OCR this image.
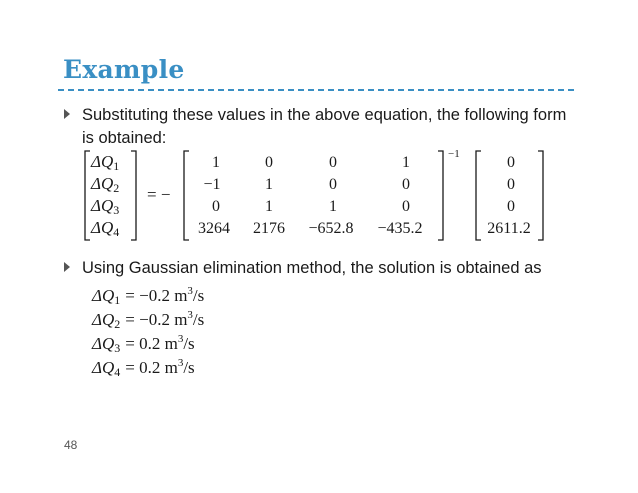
Example
Substituting these values in the above equation, the following form is obtained:
Using Gaussian elimination method, the solution is obtained as
ΔQ1
ΔQ2
ΔQ3
ΔQ4
= −
−1
1	0	0	1
−1	1	0	0
0	1	1	0
3264 2176 −652.8 −435.2
0
0
0
2611.2
ΔQ1 = −0.2 $m^3/s$
ΔQ2 = −0.2 $m^3/s$
ΔQ3 = 0.2 $m^3/s$
ΔQ4 = 0.2 $m^3/s$
48
